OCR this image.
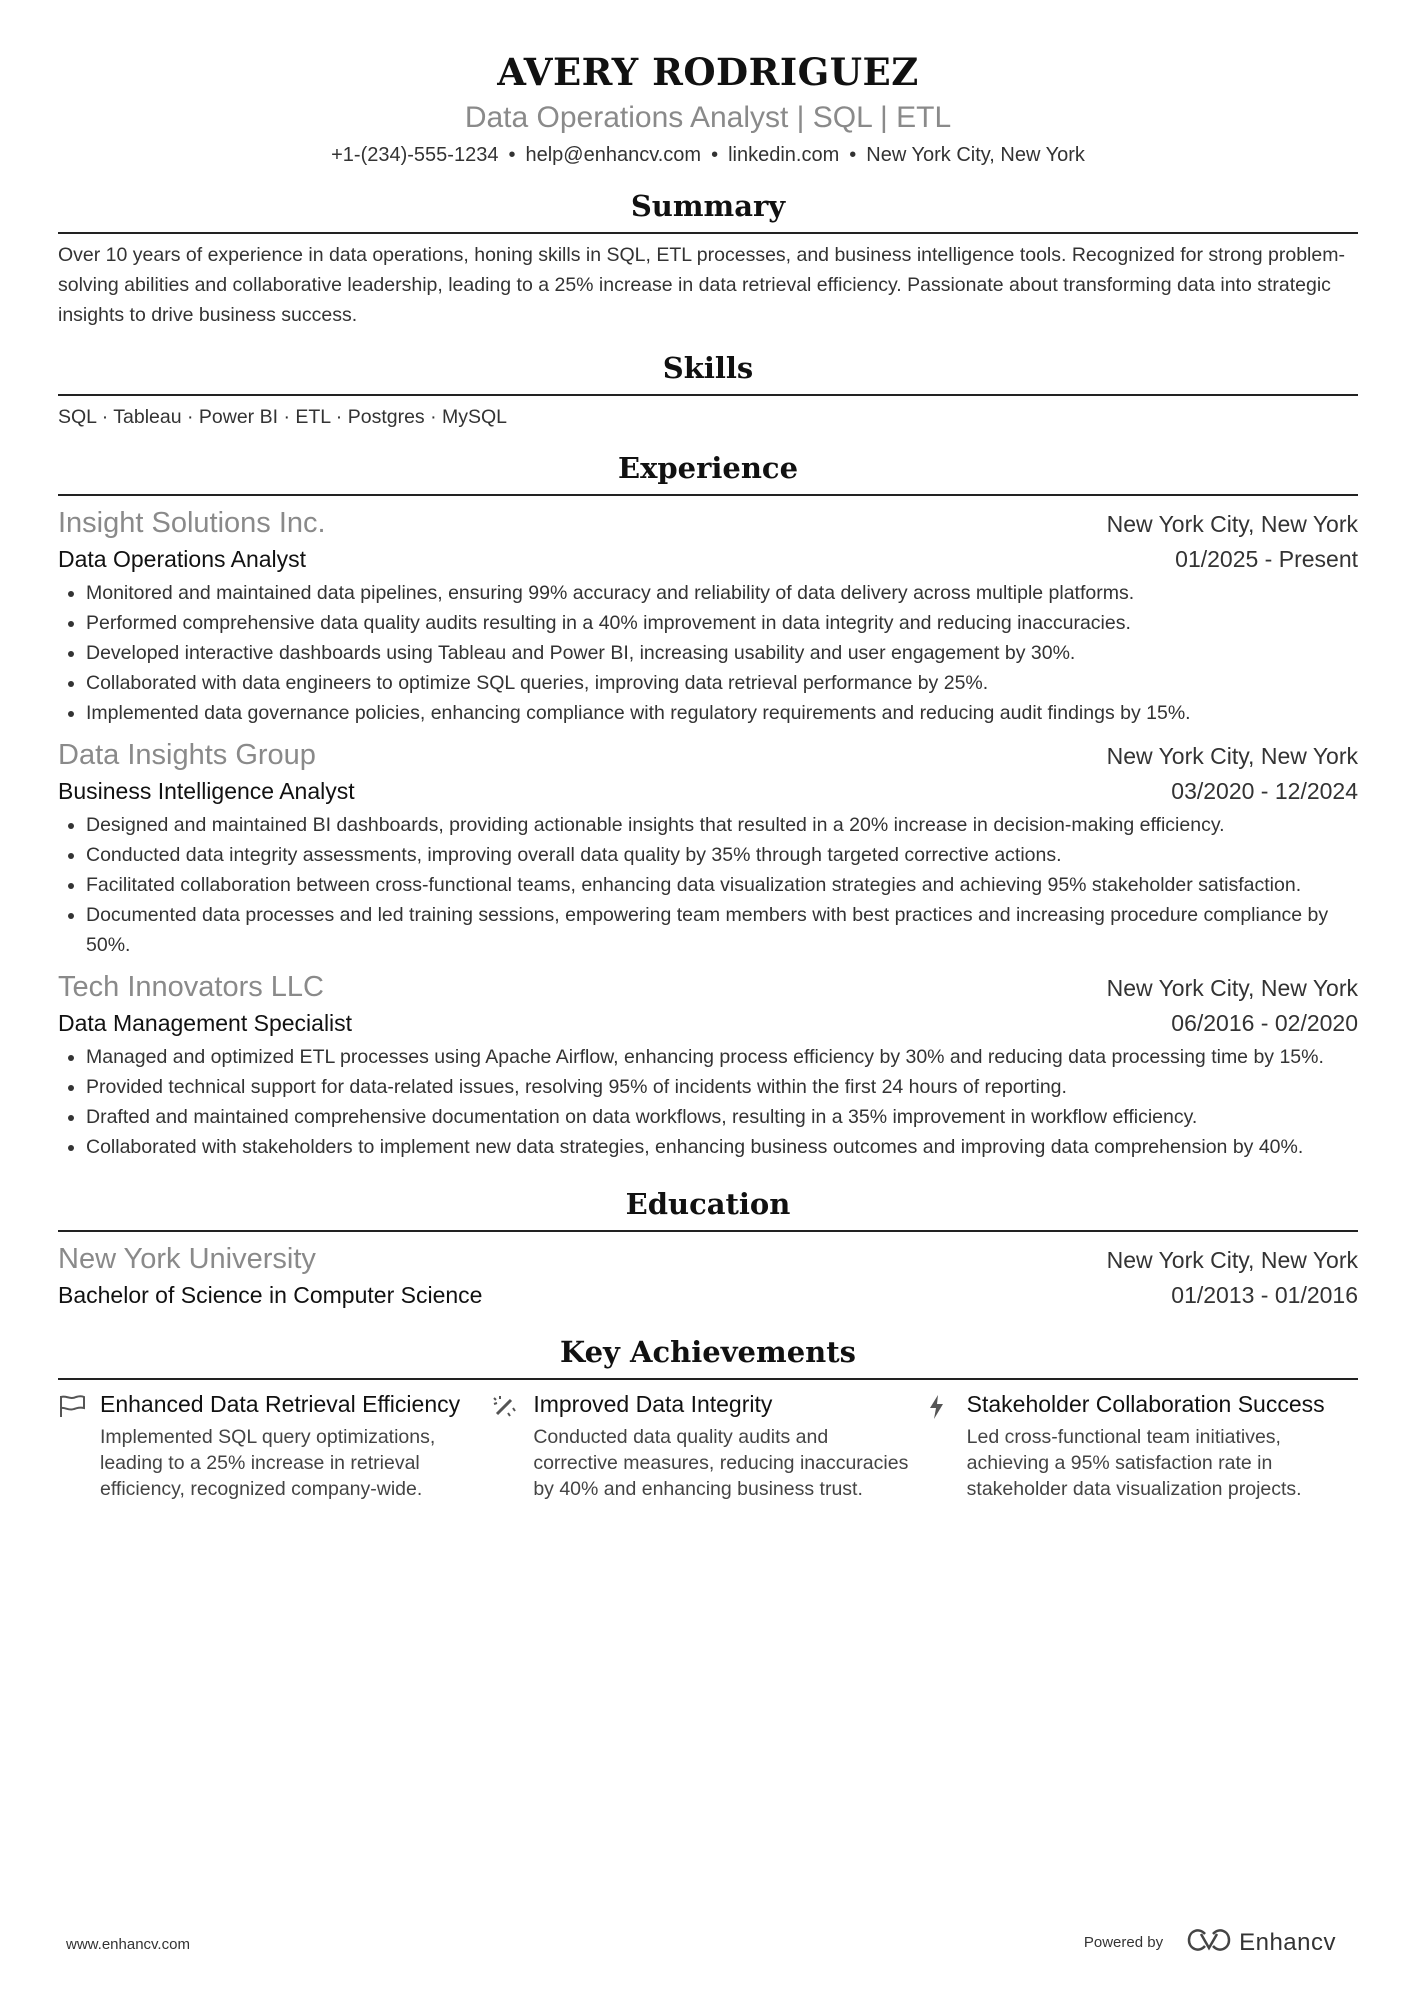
AVERY RODRIGUEZ
Data Operations Analyst | SQL | ETL
+1-(234)-555-1234 • help@enhancv.com • linkedin.com • New York City, New York
Summary

Over 10 years of experience in data operations, honing skills in SQL, ETL processes, and business intelligence tools. Recognized for strong problem-solving abilities and collaborative leadership, leading to a 25% increase in data retrieval efficiency. Passionate about transforming data into strategic insights to drive business success.

Skills
SQL · Tableau · Power BI · ETL · Postgres · MySQL
Experience
Insight Solutions Inc.	New York City, New York
Data Operations Analyst	01/2025 - Present
• Monitored and maintained data pipelines, ensuring 99% accuracy and reliability of data delivery across multiple platforms.
• Performed comprehensive data quality audits resulting in a 40% improvement in data integrity and reducing inaccuracies.
• Developed interactive dashboards using Tableau and Power BI, increasing usability and user engagement by 30%.
• Collaborated with data engineers to optimize SQL queries, improving data retrieval performance by 25%.
• Implemented data governance policies, enhancing compliance with regulatory requirements and reducing audit findings by 15%.
Data Insights Group	New York City, New York
Business Intelligence Analyst	03/2020 - 12/2024
• Designed and maintained BI dashboards, providing actionable insights that resulted in a 20% increase in decision-making efficiency.
• Conducted data integrity assessments, improving overall data quality by 35% through targeted corrective actions.
• Facilitated collaboration between cross-functional teams, enhancing data visualization strategies and achieving 95% stakeholder satisfaction.
• Documented data processes and led training sessions, empowering team members with best practices and increasing procedure compliance by 50%.
Tech Innovators LLC	New York City, New York
Data Management Specialist	06/2016 - 02/2020
• Managed and optimized ETL processes using Apache Airflow, enhancing process efficiency by 30% and reducing data processing time by 15%.
• Provided technical support for data-related issues, resolving 95% of incidents within the first 24 hours of reporting.
• Drafted and maintained comprehensive documentation on data workflows, resulting in a 35% improvement in workflow efficiency.
• Collaborated with stakeholders to implement new data strategies, enhancing business outcomes and improving data comprehension by 40%.
Education
New York University	New York City, New York
Bachelor of Science in Computer Science	01/2013 - 01/2016
Key Achievements
Enhanced Data Retrieval Efficiency
Implemented SQL query optimizations, leading to a 25% increase in retrieval efficiency, recognized company-wide.
Improved Data Integrity
Conducted data quality audits and corrective measures, reducing inaccuracies by 40% and enhancing business trust.
Stakeholder Collaboration Success
Led cross-functional team initiatives, achieving a 95% satisfaction rate in stakeholder data visualization projects.
www.enhancv.com	Powered by	Enhancv
